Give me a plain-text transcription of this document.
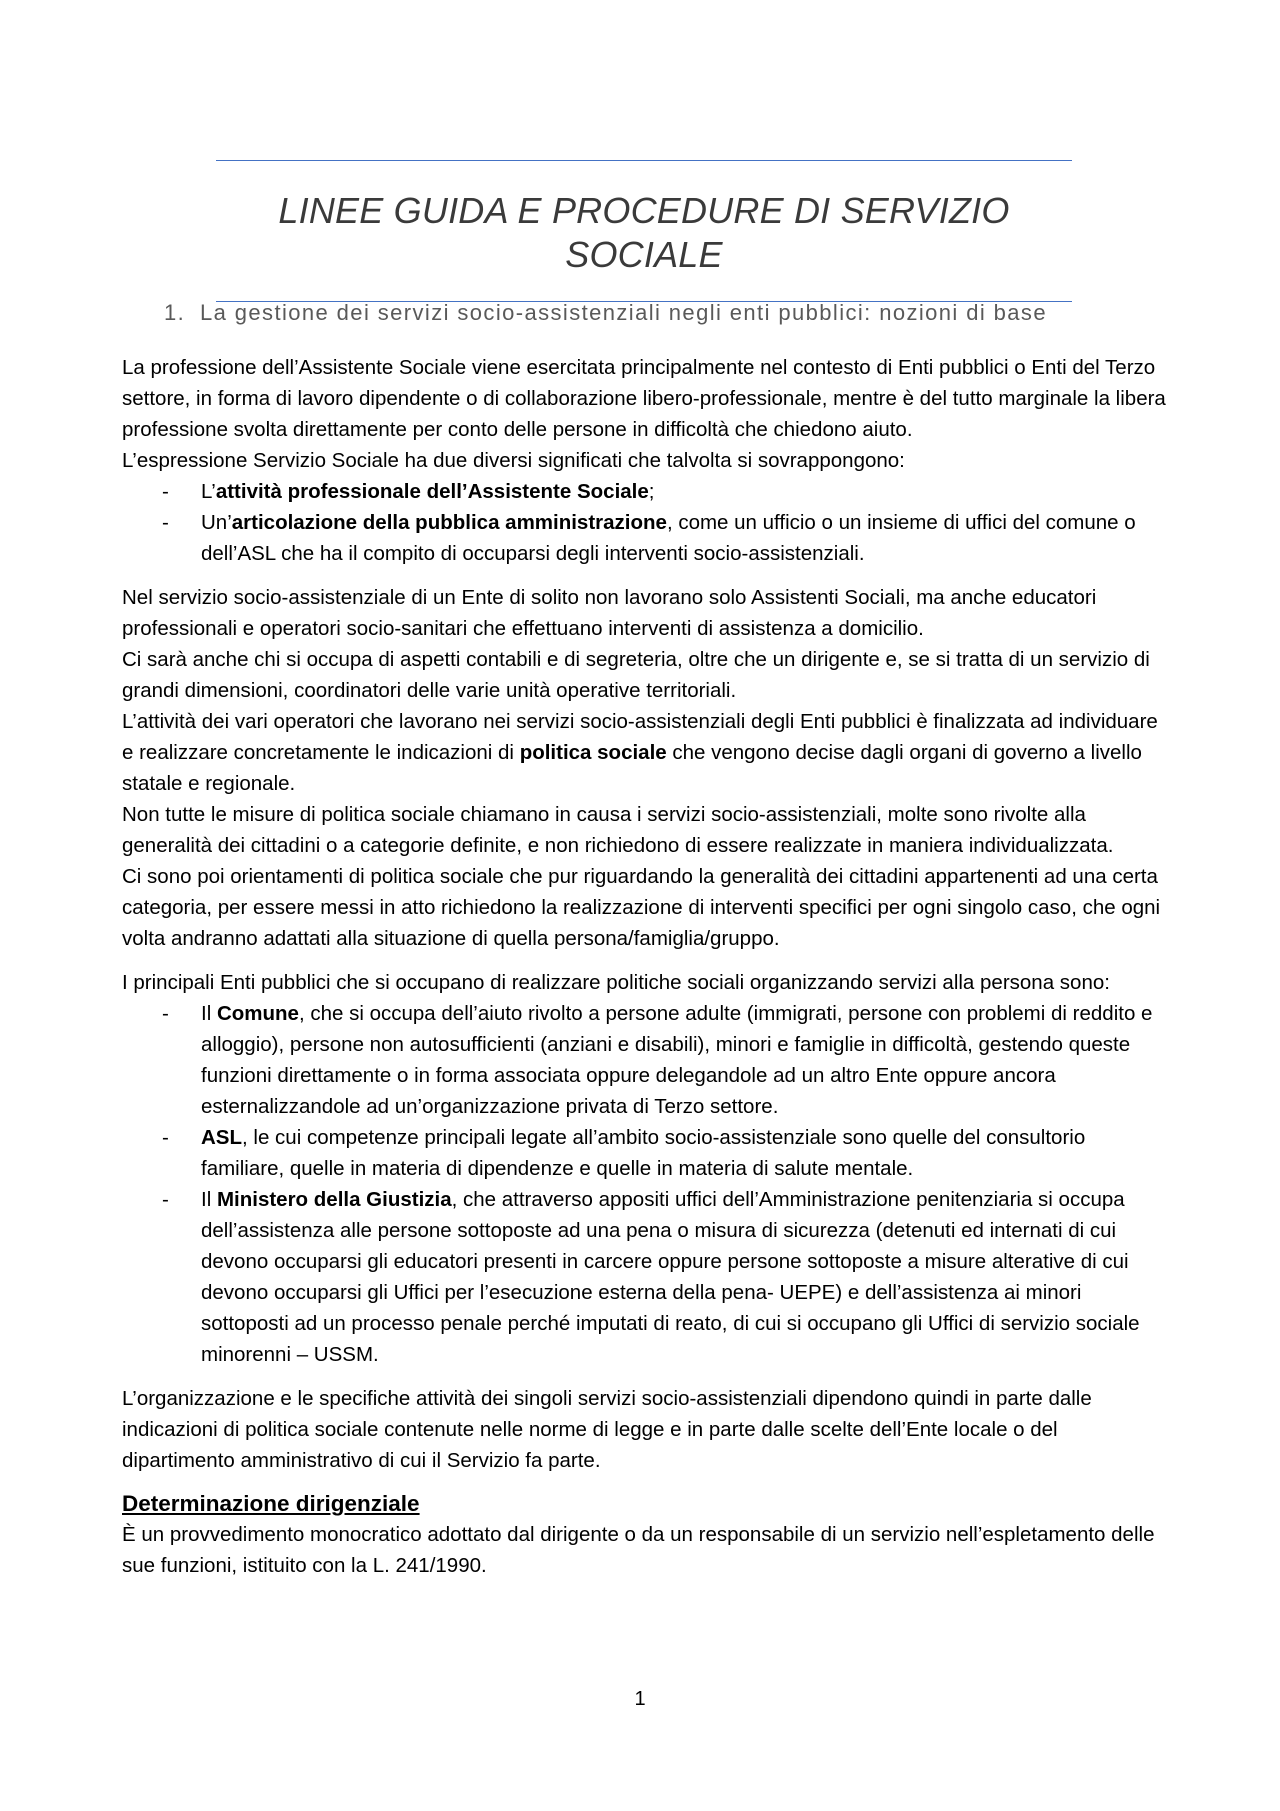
LINEE GUIDA E PROCEDURE DI SERVIZIO SOCIALE
1. La gestione dei servizi socio-assistenziali negli enti pubblici: nozioni di base

La professione dell’Assistente Sociale viene esercitata principalmente nel contesto di Enti pubblici o Enti del Terzo settore, in forma di lavoro dipendente o di collaborazione libero-professionale, mentre è del tutto marginale la libera professione svolta direttamente per conto delle persone in difficoltà che chiedono aiuto.

L’espressione Servizio Sociale ha due diversi significati che talvolta si sovrappongono:

- L’attività professionale dell’Assistente Sociale;
- Un’articolazione della pubblica amministrazione, come un ufficio o un insieme di uffici del comune o dell’ASL che ha il compito di occuparsi degli interventi socio-assistenziali.

Nel servizio socio-assistenziale di un Ente di solito non lavorano solo Assistenti Sociali, ma anche educatori professionali e operatori socio-sanitari che effettuano interventi di assistenza a domicilio.

Ci sarà anche chi si occupa di aspetti contabili e di segreteria, oltre che un dirigente e, se si tratta di un servizio di grandi dimensioni, coordinatori delle varie unità operative territoriali.

L’attività dei vari operatori che lavorano nei servizi socio-assistenziali degli Enti pubblici è finalizzata ad individuare e realizzare concretamente le indicazioni di politica sociale che vengono decise dagli organi di governo a livello statale e regionale.

Non tutte le misure di politica sociale chiamano in causa i servizi socio-assistenziali, molte sono rivolte alla generalità dei cittadini o a categorie definite, e non richiedono di essere realizzate in maniera individualizzata.

Ci sono poi orientamenti di politica sociale che pur riguardando la generalità dei cittadini appartenenti ad una certa categoria, per essere messi in atto richiedono la realizzazione di interventi specifici per ogni singolo caso, che ogni volta andranno adattati alla situazione di quella persona/famiglia/gruppo.

I principali Enti pubblici che si occupano di realizzare politiche sociali organizzando servizi alla persona sono:

- Il Comune, che si occupa dell’aiuto rivolto a persone adulte (immigrati, persone con problemi di reddito e alloggio), persone non autosufficienti (anziani e disabili), minori e famiglie in difficoltà, gestendo queste funzioni direttamente o in forma associata oppure delegandole ad un altro Ente oppure ancora esternalizzandole ad un’organizzazione privata di Terzo settore.
- ASL, le cui competenze principali legate all’ambito socio-assistenziale sono quelle del consultorio familiare, quelle in materia di dipendenze e quelle in materia di salute mentale.
- Il Ministero della Giustizia, che attraverso appositi uffici dell’Amministrazione penitenziaria si occupa dell’assistenza alle persone sottoposte ad una pena o misura di sicurezza (detenuti ed internati di cui devono occuparsi gli educatori presenti in carcere oppure persone sottoposte a misure alterative di cui devono occuparsi gli Uffici per l’esecuzione esterna della pena- UEPE) e dell’assistenza ai minori sottoposti ad un processo penale perché imputati di reato, di cui si occupano gli Uffici di servizio sociale minorenni – USSM.

L’organizzazione e le specifiche attività dei singoli servizi socio-assistenziali dipendono quindi in parte dalle indicazioni di politica sociale contenute nelle norme di legge e in parte dalle scelte dell’Ente locale o del dipartimento amministrativo di cui il Servizio fa parte.

Determinazione dirigenziale

È un provvedimento monocratico adottato dal dirigente o da un responsabile di un servizio nell’espletamento delle sue funzioni, istituito con la L. 241/1990.

1
